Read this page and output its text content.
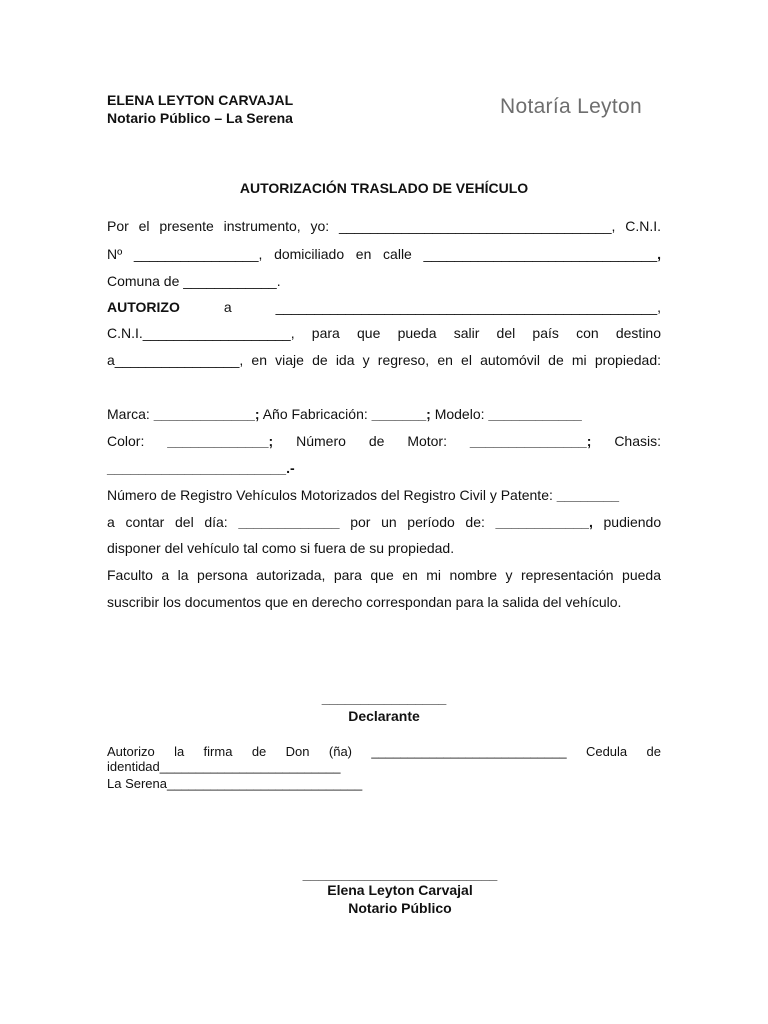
ELENA LEYTON CARVAJAL
Notario Público – La Serena	Notaría Leyton
AUTORIZACIÓN TRASLADO DE VEHÍCULO
Por el presente instrumento, yo: ___________________________________, C.N.I.
Nº ________________, domiciliado en calle ______________________________,
Comuna de ____________.
AUTORIZO	a	_________________________________________________,
C.N.I.___________________, para que pueda salir del país con destino
a________________, en viaje de ida y regreso, en el automóvil de mi propiedad:
Marca: _____________; Año Fabricación: _______; Modelo: ____________
Color: _____________; Número de Motor: _______________; Chasis:
_______________________.-
Número de Registro Vehículos Motorizados del Registro Civil y Patente: ________
a contar del día: _____________ por un período de: ____________, pudiendo
disponer del vehículo tal como si fuera de su propiedad.
Faculto a la persona autorizada, para que en mi nombre y representación pueda
suscribir los documentos que en derecho correspondan para la salida del vehículo.
________________
Declarante
Autorizo la firma de Don (ña) ___________________________ Cedula de
identidad_________________________
La Serena___________________________
_________________________
Elena Leyton Carvajal
Notario Público
